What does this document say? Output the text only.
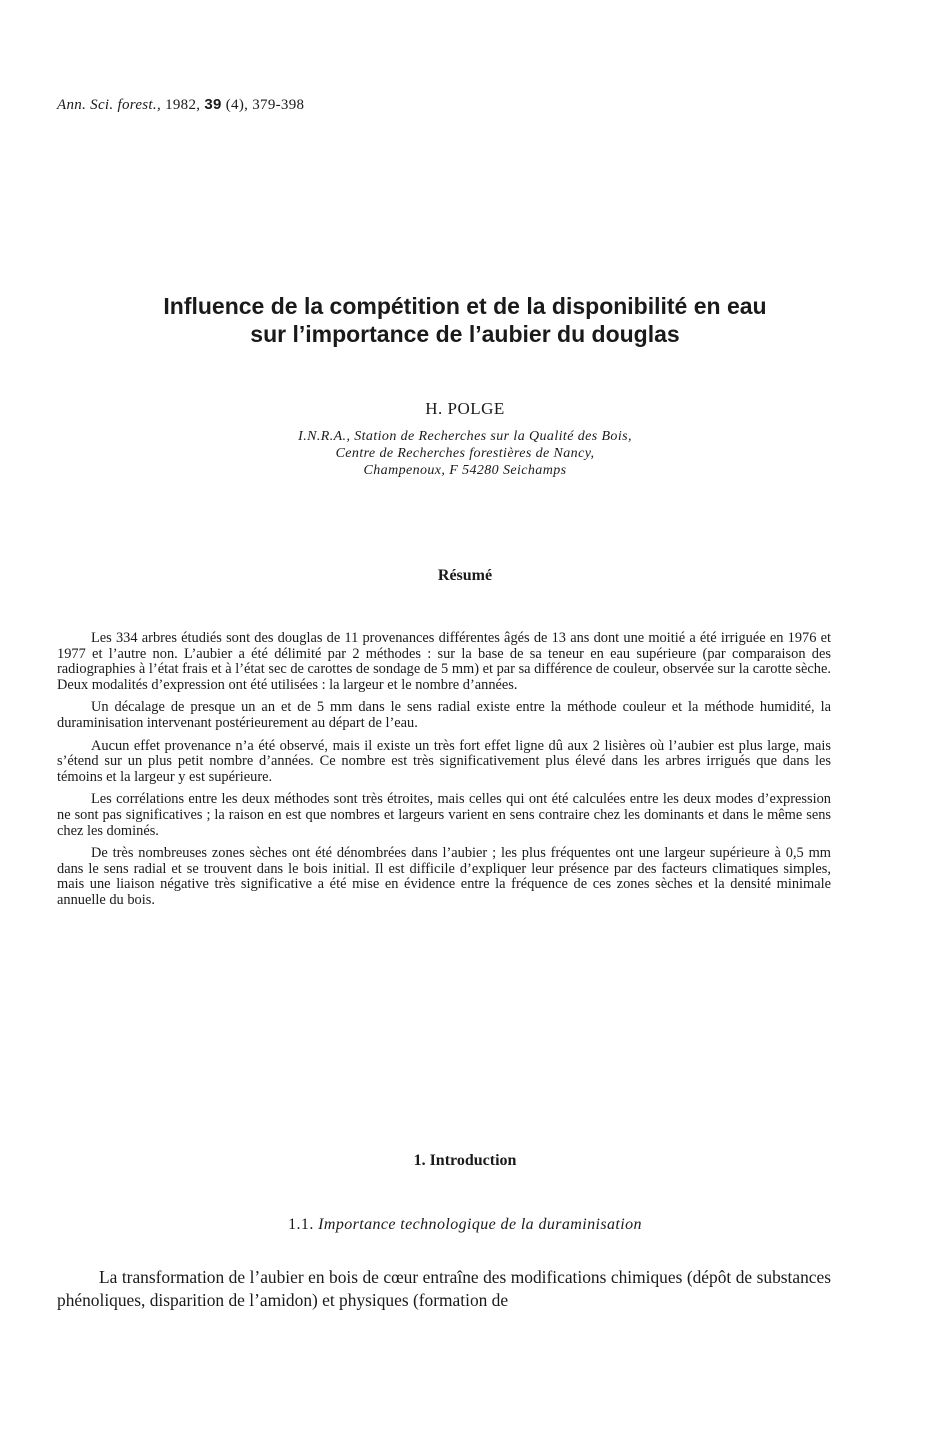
Ann. Sci. forest., 1982, 39 (4), 379-398
Influence de la compétition et de la disponibilité en eau
sur l’importance de l’aubier du douglas
H. POLGE
I.N.R.A., Station de Recherches sur la Qualité des Bois,
Centre de Recherches forestières de Nancy,
Champenoux, F 54280 Seichamps
Résumé

Les 334 arbres étudiés sont des douglas de 11 provenances différentes âgés de 13 ans dont une moitié a été irriguée en 1976 et 1977 et l’autre non. L’aubier a été délimité par 2 méthodes : sur la base de sa teneur en eau supérieure (par comparaison des radiographies à l’état frais et à l’état sec de carottes de sondage de 5 mm) et par sa différence de couleur, observée sur la carotte sèche. Deux modalités d’expression ont été utilisées : la largeur et le nombre d’années.

Un décalage de presque un an et de 5 mm dans le sens radial existe entre la méthode couleur et la méthode humidité, la duraminisation intervenant postérieurement au départ de l’eau.

Aucun effet provenance n’a été observé, mais il existe un très fort effet ligne dû aux 2 lisières où l’aubier est plus large, mais s’étend sur un plus petit nombre d’années. Ce nombre est très significativement plus élevé dans les arbres irrigués que dans les témoins et la largeur y est supérieure.

Les corrélations entre les deux méthodes sont très étroites, mais celles qui ont été calculées entre les deux modes d’expression ne sont pas significatives ; la raison en est que nombres et largeurs varient en sens contraire chez les dominants et dans le même sens chez les dominés.

De très nombreuses zones sèches ont été dénombrées dans l’aubier ; les plus fréquentes ont une largeur supérieure à 0,5 mm dans le sens radial et se trouvent dans le bois initial. Il est difficile d’expliquer leur présence par des facteurs climatiques simples, mais une liaison négative très significative a été mise en évidence entre la fréquence de ces zones sèches et la densité minimale annuelle du bois.

1. Introduction
1.1. Importance technologique de la duraminisation

La transformation de l’aubier en bois de cœur entraîne des modifications chimiques (dépôt de substances phénoliques, disparition de l’amidon) et physiques (formation de
